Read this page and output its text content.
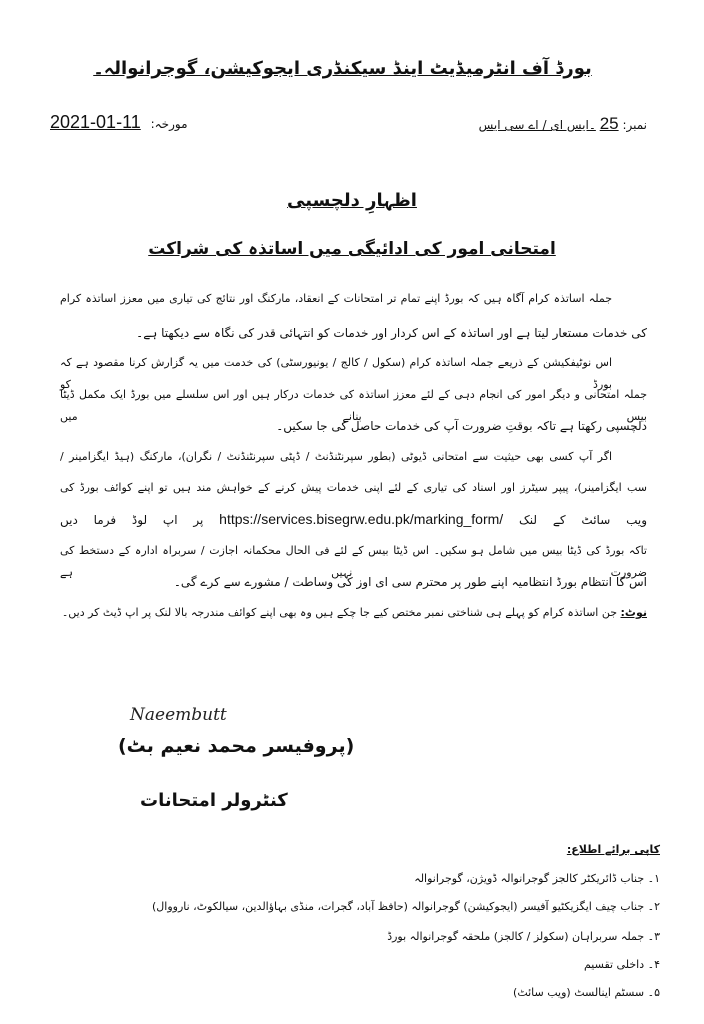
بورڈ آف انٹرمیڈیٹ اینڈ سیکنڈری ایجوکیشن، گوجرانوالہ۔
نمبر: 25 ۔ایس ای / اے سی ایس
مورخہ: 11-01-2021
اظہارِ دلچسپی
امتحانی امور کی ادائیگی میں اساتذہ کی شراکت
جملہ اساتذہ کرام آگاہ ہیں کہ بورڈ اپنے تمام تر امتحانات کے انعقاد، مارکنگ اور نتائج کی تیاری میں معزز اساتذہ کرام
کی خدمات مستعار لیتا ہے اور اساتذہ کے اس کردار اور خدمات کو انتہائی قدر کی نگاہ سے دیکھتا ہے۔
اس نوٹیفکیشن کے ذریعے جملہ اساتذہ کرام (سکول / کالج / یونیورسٹی) کی خدمت میں یہ گزارش کرنا مقصود ہے کہ بورڈ کو
جملہ امتحانی و دیگر امور کی انجام دہی کے لئے معزز اساتذہ کی خدمات درکار ہیں اور اس سلسلے میں بورڈ ایک مکمل ڈیٹا بیس بنانے میں
دلچسپی رکھتا ہے تاکہ بوقتِ ضرورت آپ کی خدمات حاصل کی جا سکیں۔
اگر آپ کسی بھی حیثیت سے امتحانی ڈیوٹی (بطور سپرنٹنڈنٹ / ڈپٹی سپرنٹنڈنٹ / نگران)، مارکنگ (ہیڈ ایگزامینر /
سب ایگزامینر)، پیپر سیٹرز اور اسناد کی تیاری کے لئے اپنی خدمات پیش کرنے کے خواہش مند ہیں تو اپنے کوائف بورڈ کی
ویب سائٹ کے لنک https://services.bisegrw.edu.pk/marking_form/ پر اپ لوڈ فرما دیں
تاکہ بورڈ کی ڈیٹا بیس میں شامل ہو سکیں۔ اس ڈیٹا بیس کے لئے فی الحال محکمانہ اجازت / سربراہ ادارہ کے دستخط کی ضرورت نہیں ہے
اس کا انتظام بورڈ انتظامیہ اپنے طور پر محترم سی ای اوز کی وساطت / مشورے سے کرے گی۔
نوٹ: جن اساتذہ کرام کو پہلے ہی شناختی نمبر مختص کیے جا چکے ہیں وہ بھی اپنے کوائف مندرجہ بالا لنک پر اپ ڈیٹ کر دیں۔
Naeembutt
(پروفیسر محمد نعیم بٹ)
کنٹرولر امتحانات
کاپی برائے اطلاع:
۱۔ جناب ڈائریکٹر کالجز گوجرانوالہ ڈویژن، گوجرانوالہ
۲۔ جناب چیف ایگزیکٹیو آفیسر (ایجوکیشن) گوجرانوالہ (حافظ آباد، گجرات، منڈی بہاؤالدین، سیالکوٹ، نارووال)
۳۔ جملہ سربراہان (سکولز / کالجز) ملحقہ گوجرانوالہ بورڈ
۴۔ داخلی تقسیم
۵۔ سسٹم اینالسٹ (ویب سائٹ)
